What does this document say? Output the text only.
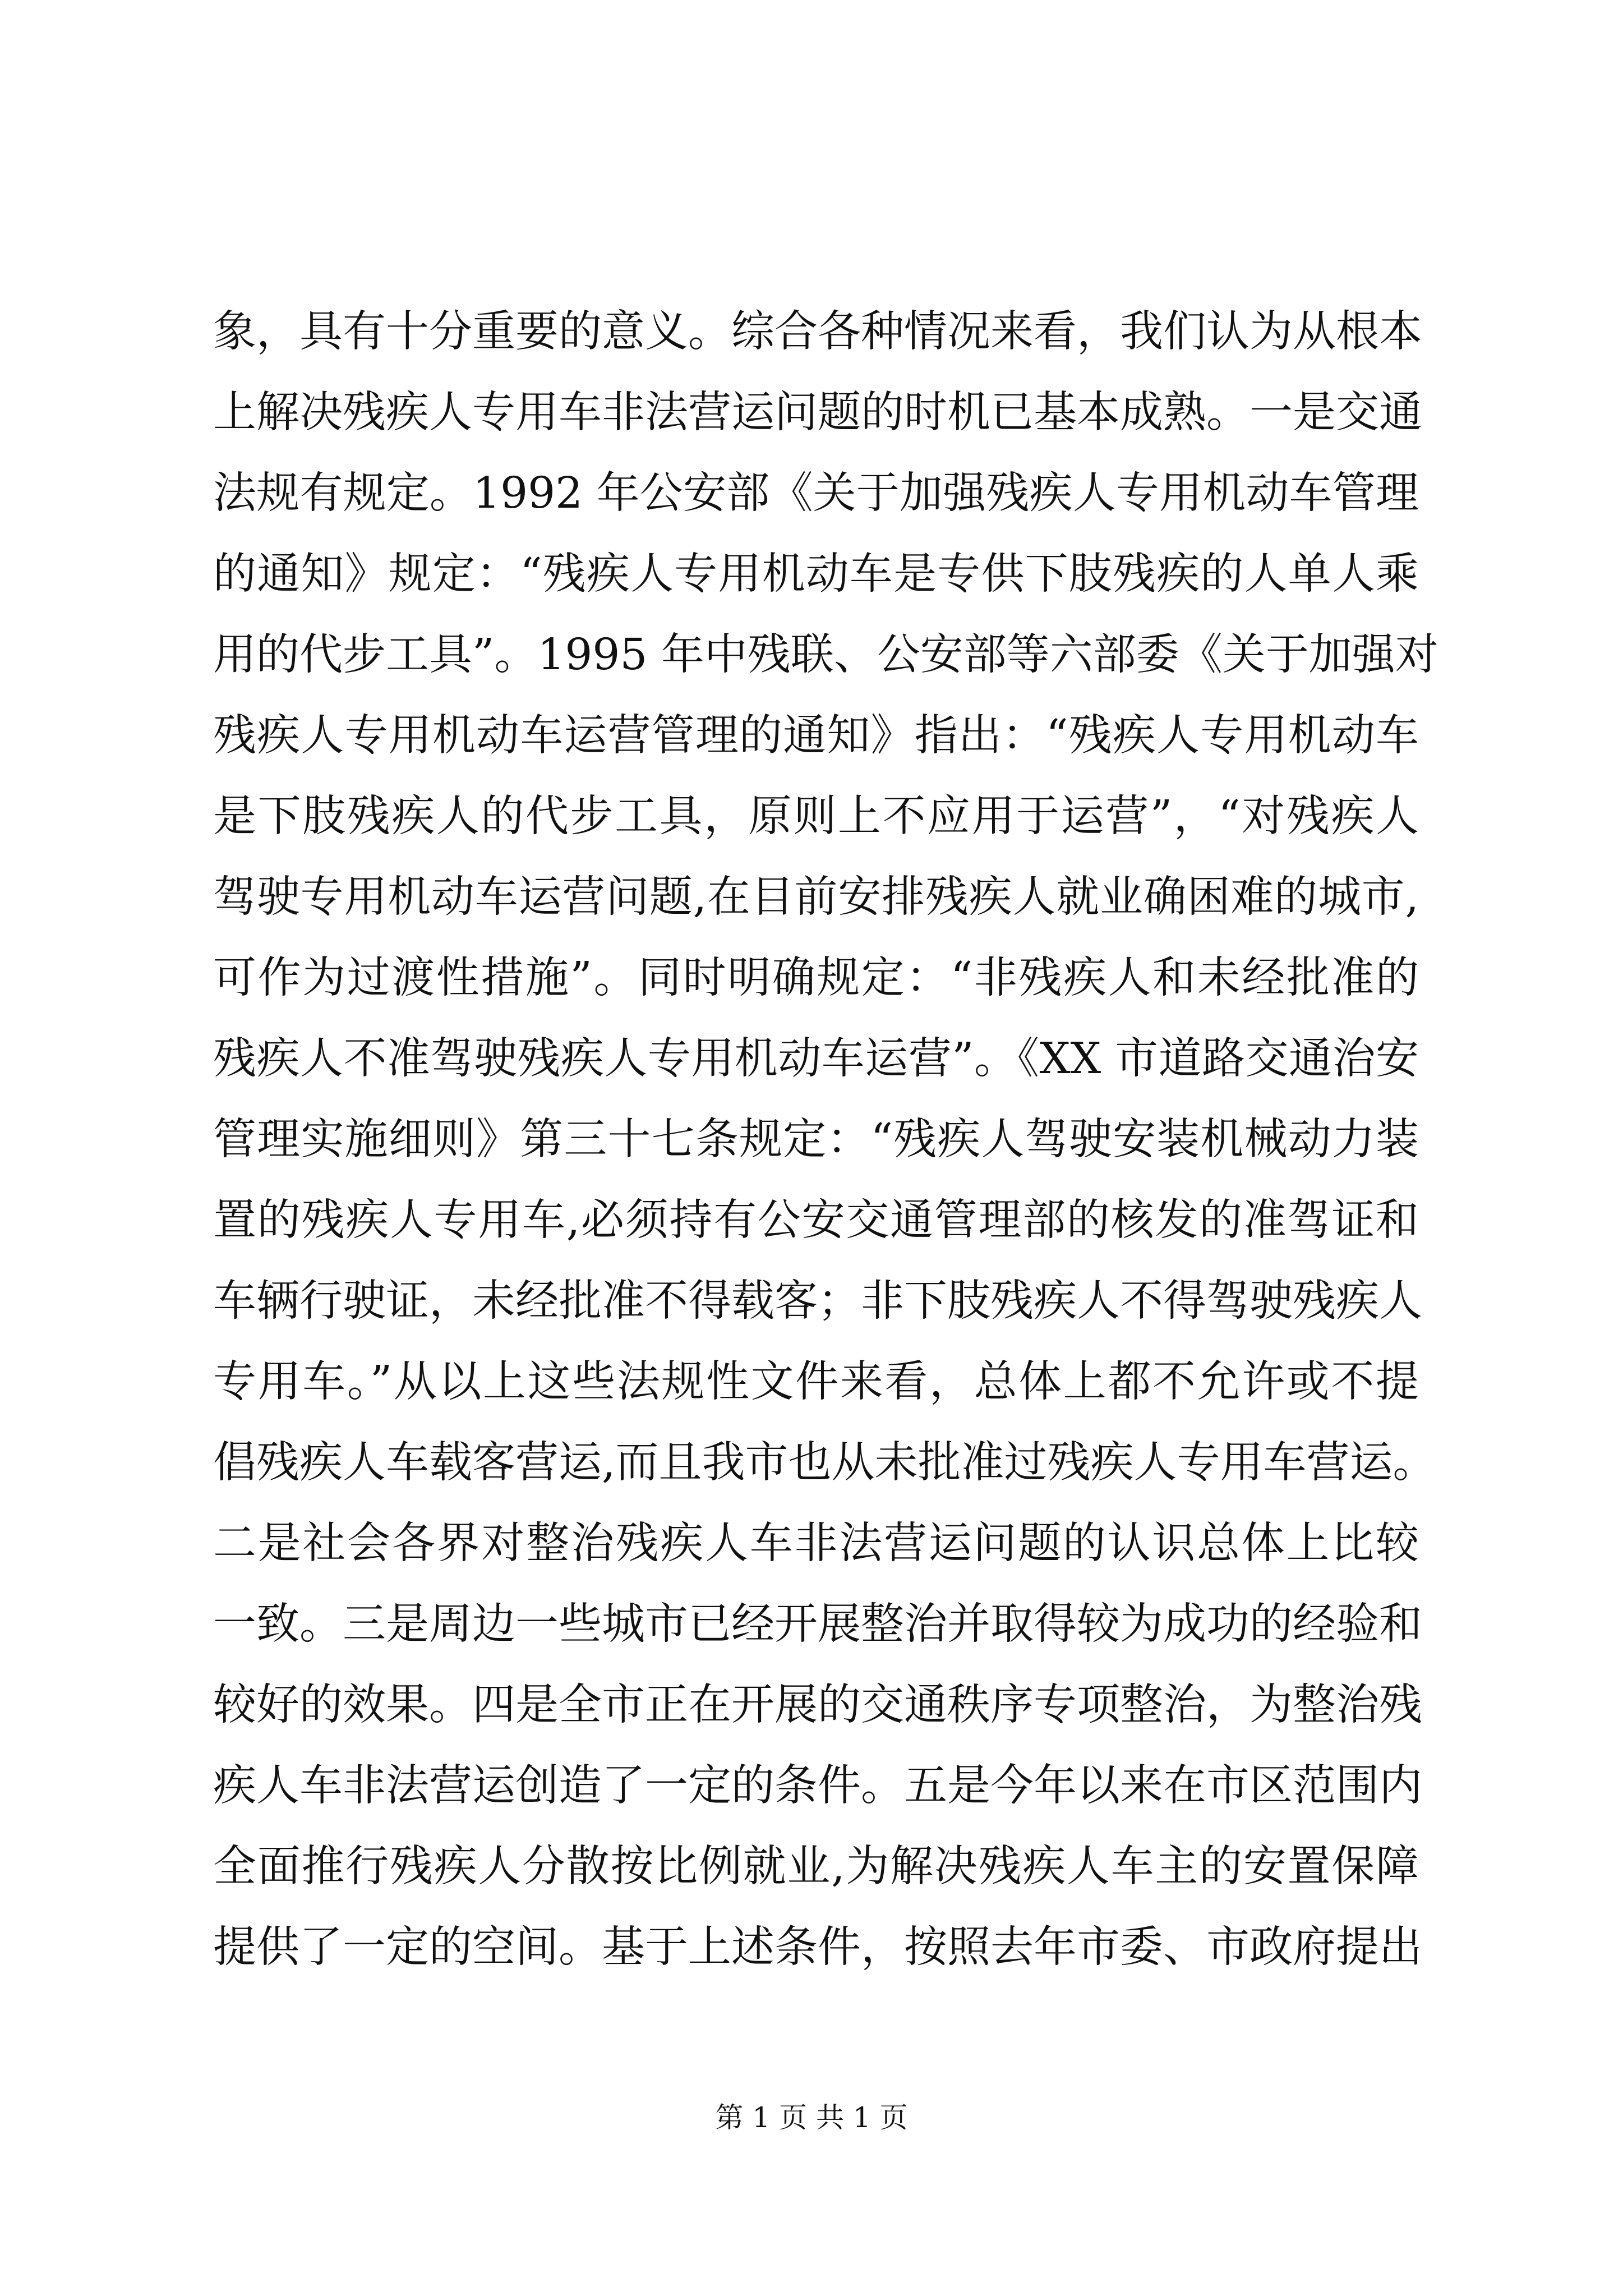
象，具有十分重要的意义。综合各种情况来看，我们认为从根本
上解决残疾人专用车非法营运问题的时机已基本成熟。一是交通
法规有规定。1992 年公安部《关于加强残疾人专用机动车管理
的通知》规定：“残疾人专用机动车是专供下肢残疾的人单人乘
用的代步工具”。1995 年中残联、公安部等六部委《关于加强对
残疾人专用机动车运营管理的通知》指出：“残疾人专用机动车
是下肢残疾人的代步工具，原则上不应用于运营”，“对残疾人
驾驶专用机动车运营问题,在目前安排残疾人就业确困难的城市,
可作为过渡性措施”。同时明确规定：“非残疾人和未经批准的
残疾人不准驾驶残疾人专用机动车运营”。《XX 市道路交通治安
管理实施细则》第三十七条规定：“残疾人驾驶安装机械动力装
置的残疾人专用车,必须持有公安交通管理部的核发的准驾证和
车辆行驶证，未经批准不得载客；非下肢残疾人不得驾驶残疾人
专用车。”从以上这些法规性文件来看，总体上都不允许或不提
倡残疾人车载客营运,而且我市也从未批准过残疾人专用车营运。
二是社会各界对整治残疾人车非法营运问题的认识总体上比较
一致。三是周边一些城市已经开展整治并取得较为成功的经验和
较好的效果。四是全市正在开展的交通秩序专项整治，为整治残
疾人车非法营运创造了一定的条件。五是今年以来在市区范围内
全面推行残疾人分散按比例就业,为解决残疾人车主的安置保障
提供了一定的空间。基于上述条件，按照去年市委、市政府提出
第 1 页 共 1 页
